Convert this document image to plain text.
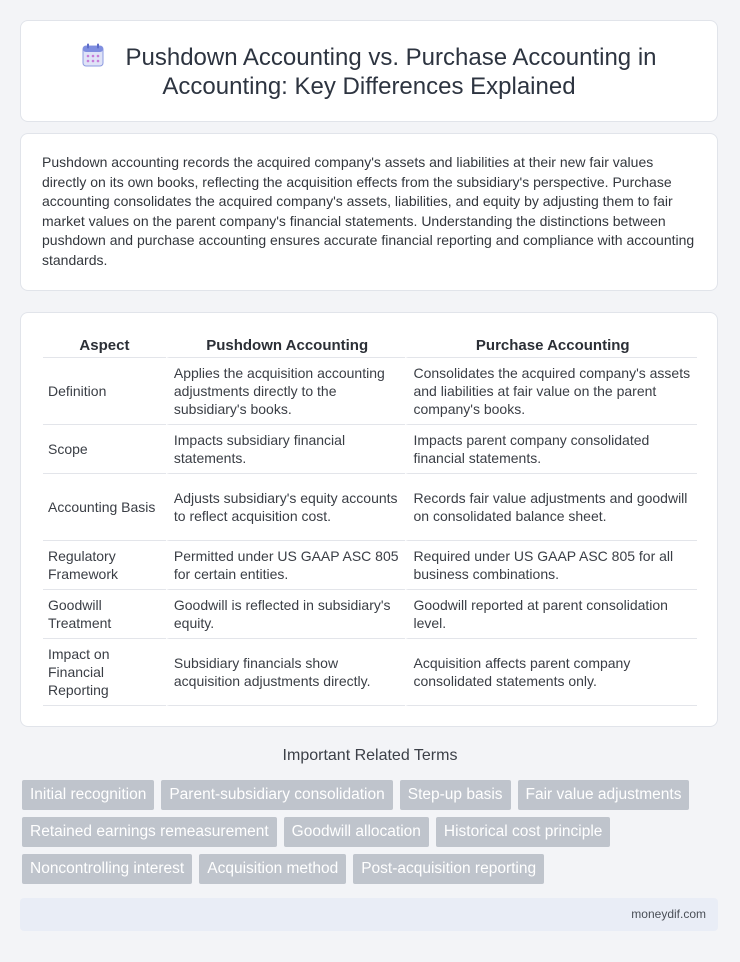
Pushdown Accounting vs. Purchase Accounting in
Accounting: Key Differences Explained
Pushdown accounting records the acquired company's assets and liabilities at their new fair values directly on its own books, reflecting the acquisition effects from the subsidiary's perspective. Purchase accounting consolidates the acquired company's assets, liabilities, and equity by adjusting them to fair market values on the parent company's financial statements. Understanding the distinctions between pushdown and purchase accounting ensures accurate financial reporting and compliance with accounting standards.
Aspect	Pushdown Accounting	Purchase Accounting
Definition	Applies the acquisition accounting adjustments directly to the subsidiary's books.	Consolidates the acquired company's assets and liabilities at fair value on the parent company's books.
Scope	Impacts subsidiary financial statements.	Impacts parent company consolidated financial statements.
Accounting Basis	Adjusts subsidiary's equity accounts to reflect acquisition cost.	Records fair value adjustments and goodwill on consolidated balance sheet.
Regulatory Framework	Permitted under US GAAP ASC 805 for certain entities.	Required under US GAAP ASC 805 for all business combinations.
Goodwill Treatment	Goodwill is reflected in subsidiary's equity.	Goodwill reported at parent consolidation level.
Impact on Financial Reporting	Subsidiary financials show acquisition adjustments directly.	Acquisition affects parent company consolidated statements only.
Important Related Terms
Initial recognition Parent-subsidiary consolidation Step-up basis Fair value adjustments
Retained earnings remeasurement Goodwill allocation Historical cost principle
Noncontrolling interest Acquisition method Post-acquisition reporting
moneydif.com
